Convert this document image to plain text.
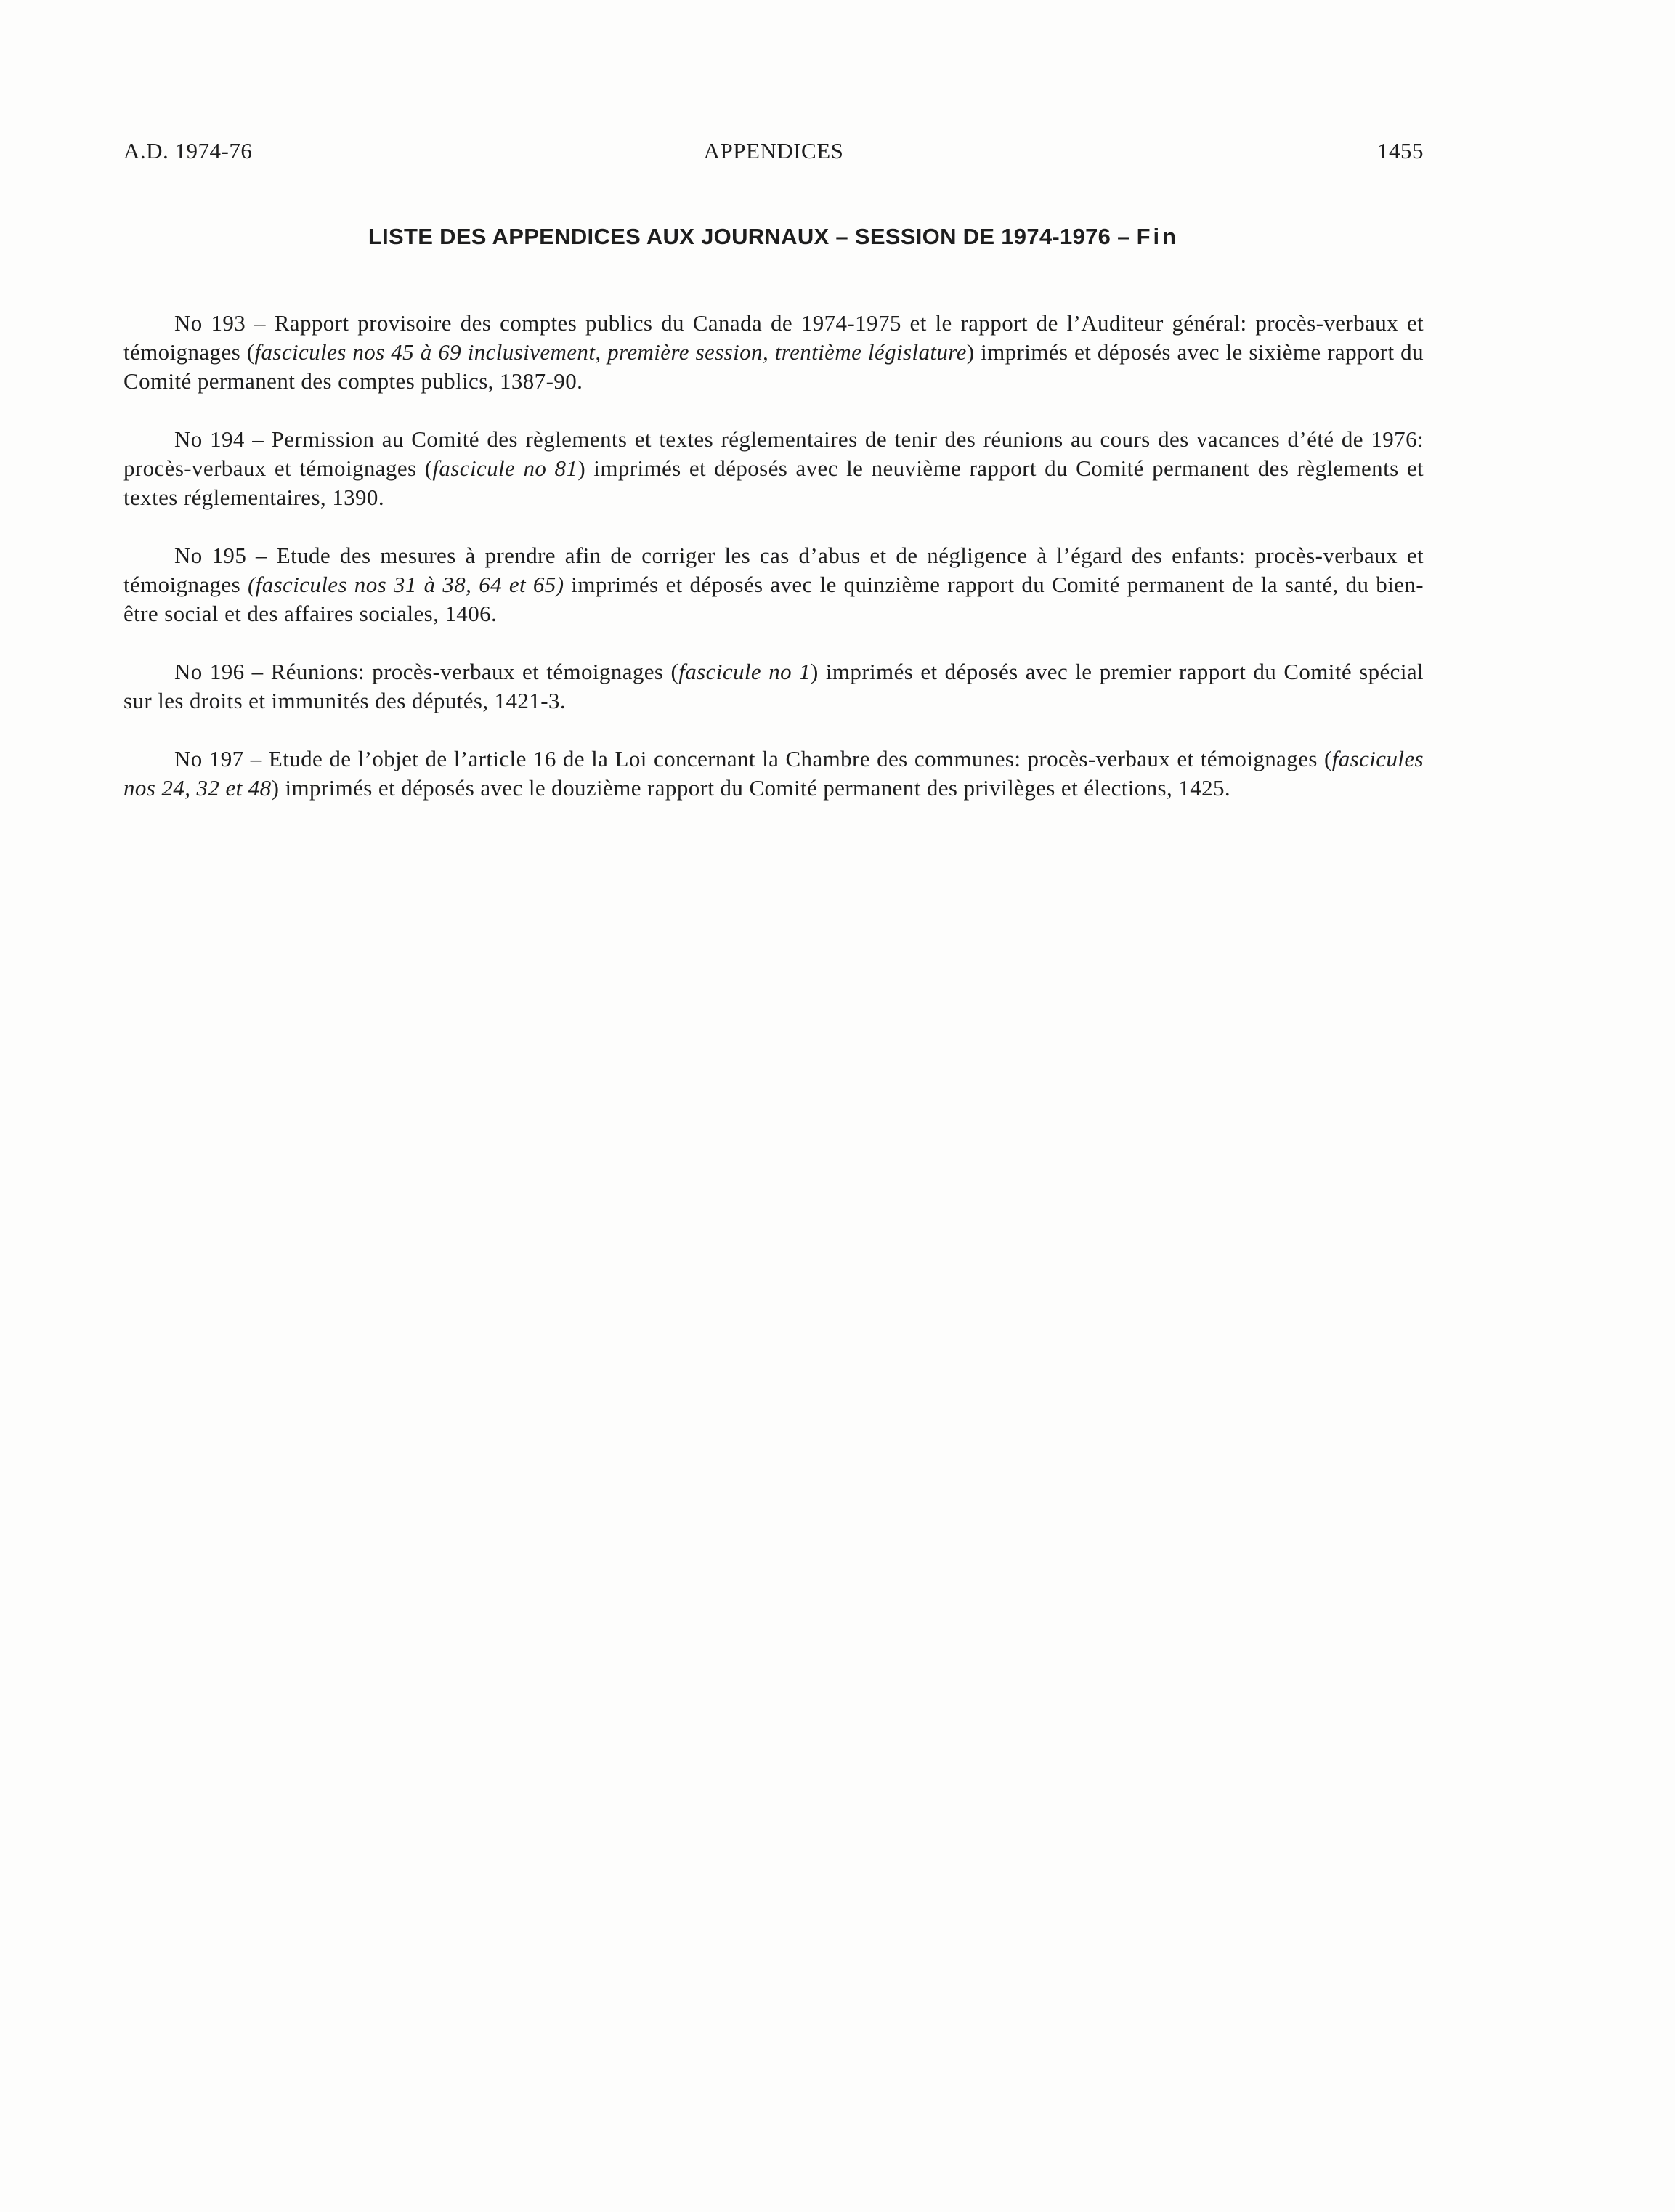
A.D. 1974-76	APPENDICES	1455
LISTE DES APPENDICES AUX JOURNAUX – SESSION DE 1974-1976 – Fin

No 193 – Rapport provisoire des comptes publics du Canada de 1974-1975 et le rapport de l’Auditeur général: procès-verbaux et témoignages (fascicules nos 45 à 69 inclusivement, première session, trentième législature) imprimés et déposés avec le sixième rapport du Comité permanent des comptes publics, 1387-90.

No 194 – Permission au Comité des règlements et textes réglementaires de tenir des réunions au cours des vacances d’été de 1976: procès-verbaux et témoignages (fascicule no 81) imprimés et déposés avec le neuvième rapport du Comité permanent des règlements et textes réglementaires, 1390.

No 195 – Etude des mesures à prendre afin de corriger les cas d’abus et de négligence à l’égard des enfants: procès-verbaux et témoignages (fascicules nos 31 à 38, 64 et 65) imprimés et déposés avec le quinzième rapport du Comité permanent de la santé, du bien-être social et des affaires sociales, 1406.

No 196 – Réunions: procès-verbaux et témoignages (fascicule no 1) imprimés et déposés avec le premier rapport du Comité spécial sur les droits et immunités des députés, 1421-3.

No 197 – Etude de l’objet de l’article 16 de la Loi concernant la Chambre des communes: procès-verbaux et témoignages (fascicules nos 24, 32 et 48) imprimés et déposés avec le douzième rapport du Comité permanent des privilèges et élections, 1425.
